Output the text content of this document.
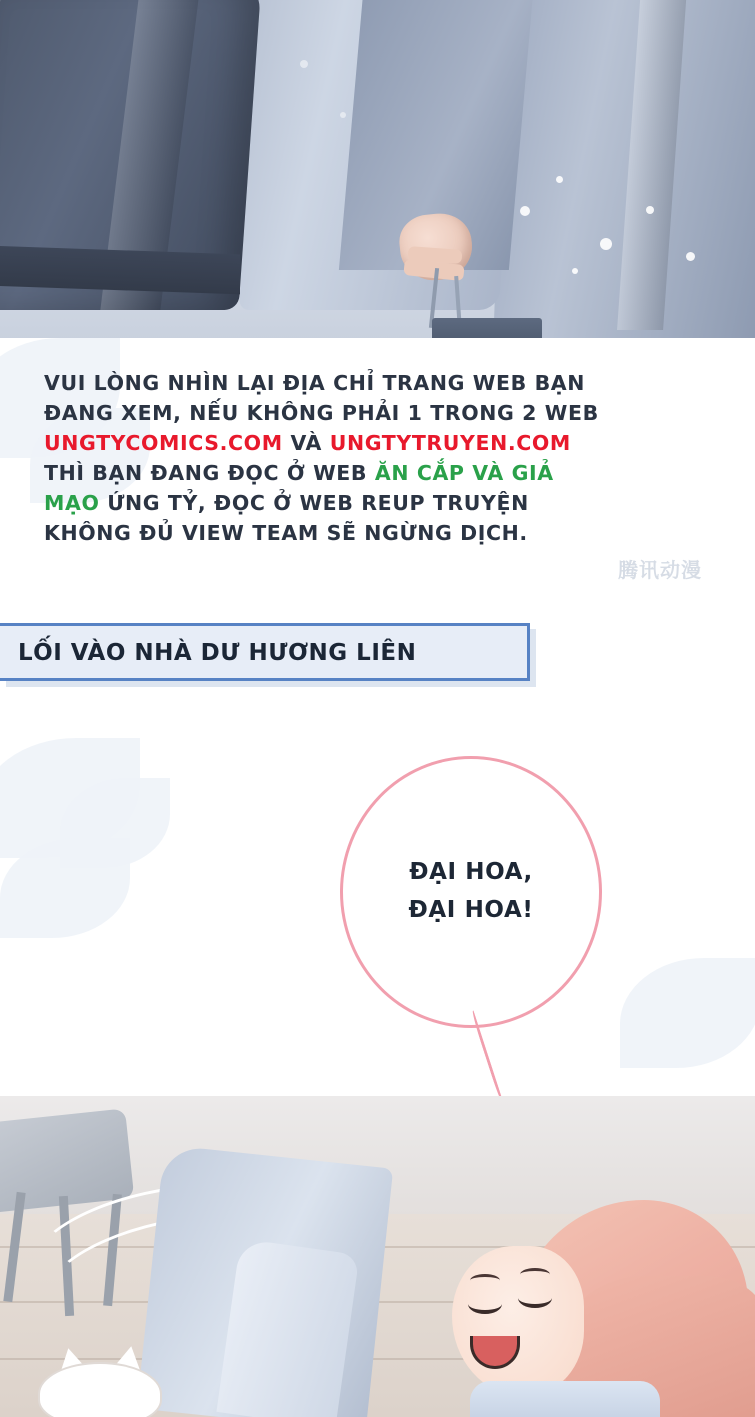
VUI LÒNG NHÌN LẠI ĐỊA CHỈ TRANG WEB BẠN ĐANG XEM, NẾU KHÔNG PHẢI 1 TRONG 2 WEB UNGTYCOMICS.COM VÀ UNGTYTRUYEN.COM THÌ BẠN ĐANG ĐỌC Ở WEB ĂN CẮP VÀ GIẢ MẠO ỨNG TỶ, ĐỌC Ở WEB REUP TRUYỆN KHÔNG ĐỦ VIEW TEAM SẼ NGỪNG DỊCH.
腾讯动漫
LỐI VÀO NHÀ DƯ HƯƠNG LIÊN
ĐẠI HOA,
ĐẠI HOA!
